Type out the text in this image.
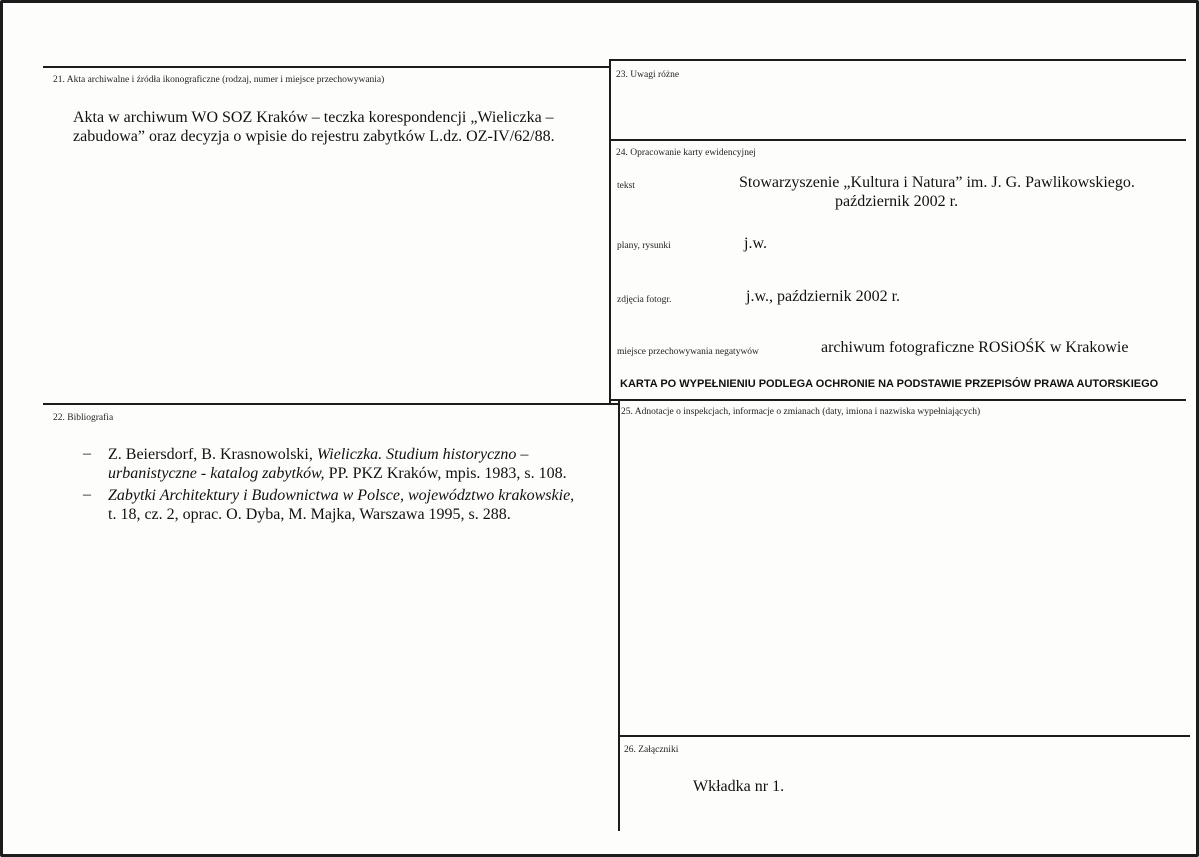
21. Akta archiwalne i źródła ikonograficzne (rodzaj, numer i miejsce przechowywania)
Akta w archiwum WO SOZ Kraków – teczka korespondencji „Wieliczka –
zabudowa” oraz decyzja o wpisie do rejestru zabytków L.dz. OZ-IV/62/88.
22. Bibliografia
– Z. Beiersdorf, B. Krasnowolski, Wieliczka. Studium historyczno –
urbanistyczne - katalog zabytków, PP. PKZ Kraków, mpis. 1983, s. 108.
– Zabytki Architektury i Budownictwa w Polsce, województwo krakowskie,
t. 18, cz. 2, oprac. O. Dyba, M. Majka, Warszawa 1995, s. 288.
23. Uwagi różne
24. Opracowanie karty ewidencyjnej
tekst	Stowarzyszenie „Kultura i Natura” im. J. G. Pawlikowskiego.
październik 2002 r.
plany, rysunki	j.w.
zdjęcia fotogr.	j.w., październik 2002 r.
miejsce przechowywania negatywów	archiwum fotograficzne ROSiOŚK w Krakowie
KARTA PO WYPEŁNIENIU PODLEGA OCHRONIE NA PODSTAWIE PRZEPISÓW PRAWA AUTORSKIEGO
25. Adnotacje o inspekcjach, informacje o zmianach (daty, imiona i nazwiska wypełniających)
26. Załączniki
Wkładka nr 1.
